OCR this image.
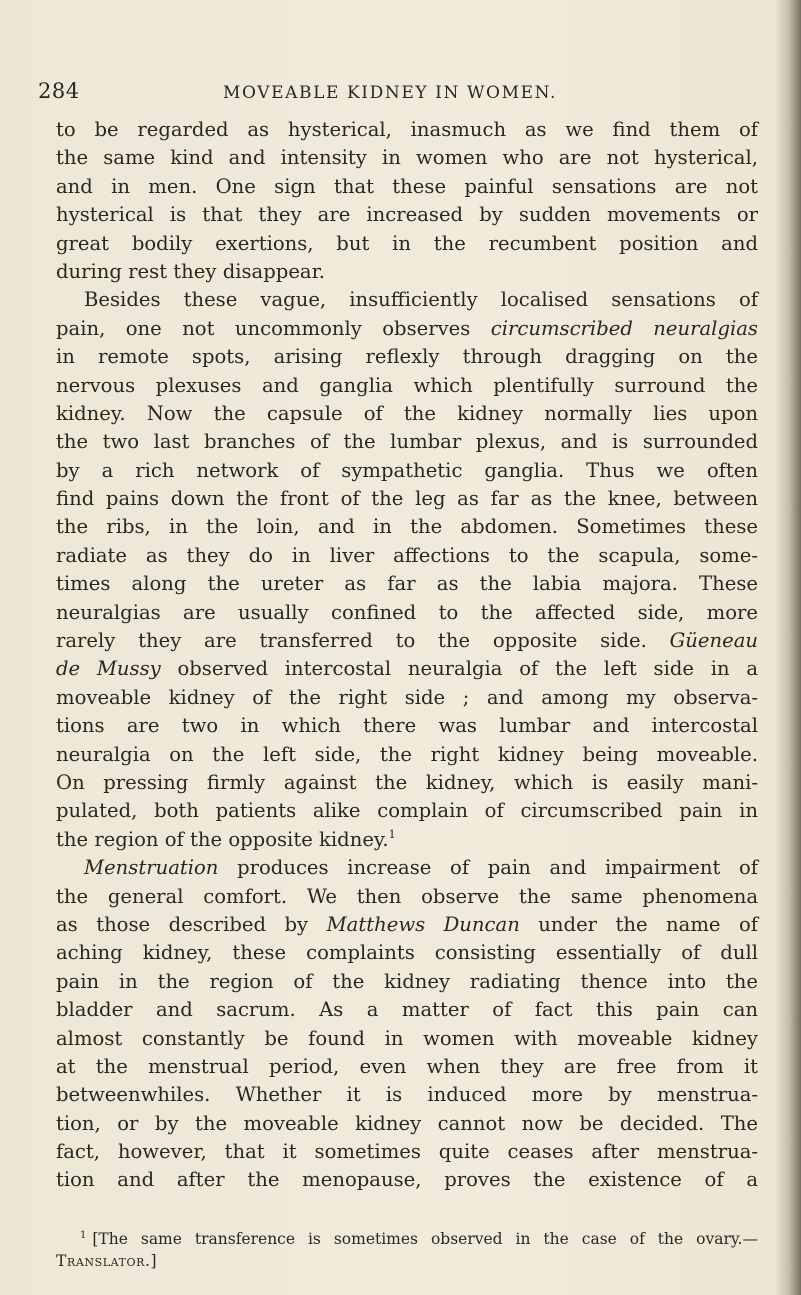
284	MOVEABLE KIDNEY IN WOMEN.
to be regarded as hysterical, inasmuch as we find them of
the same kind and intensity in women who are not hysterical,
and in men. One sign that these painful sensations are not
hysterical is that they are increased by sudden movements or
great bodily exertions, but in the recumbent position and
during rest they disappear.
Besides these vague, insufficiently localised sensations of
pain, one not uncommonly observes circumscribed neuralgias
in remote spots, arising reflexly through dragging on the
nervous plexuses and ganglia which plentifully surround the
kidney. Now the capsule of the kidney normally lies upon
the two last branches of the lumbar plexus, and is surrounded
by a rich network of sympathetic ganglia. Thus we often
find pains down the front of the leg as far as the knee, between
the ribs, in the loin, and in the abdomen. Sometimes these
radiate as they do in liver affections to the scapula, some-
times along the ureter as far as the labia majora. These
neuralgias are usually confined to the affected side, more
rarely they are transferred to the opposite side. Güeneau
de Mussy observed intercostal neuralgia of the left side in a
moveable kidney of the right side ; and among my observa-
tions are two in which there was lumbar and intercostal
neuralgia on the left side, the right kidney being moveable.
On pressing firmly against the kidney, which is easily mani-
pulated, both patients alike complain of circumscribed pain in
the region of the opposite kidney.$^1$
Menstruation produces increase of pain and impairment of
the general comfort. We then observe the same phenomena
as those described by Matthews Duncan under the name of
aching kidney, these complaints consisting essentially of dull
pain in the region of the kidney radiating thence into the
bladder and sacrum. As a matter of fact this pain can
almost constantly be found in women with moveable kidney
at the menstrual period, even when they are free from it
betweenwhiles. Whether it is induced more by menstrua-
tion, or by the moveable kidney cannot now be decided. The
fact, however, that it sometimes quite ceases after menstrua-
tion and after the menopause, proves the existence of a
$^1$ [The same transference is sometimes observed in the case of the ovary.—
Translator.]
